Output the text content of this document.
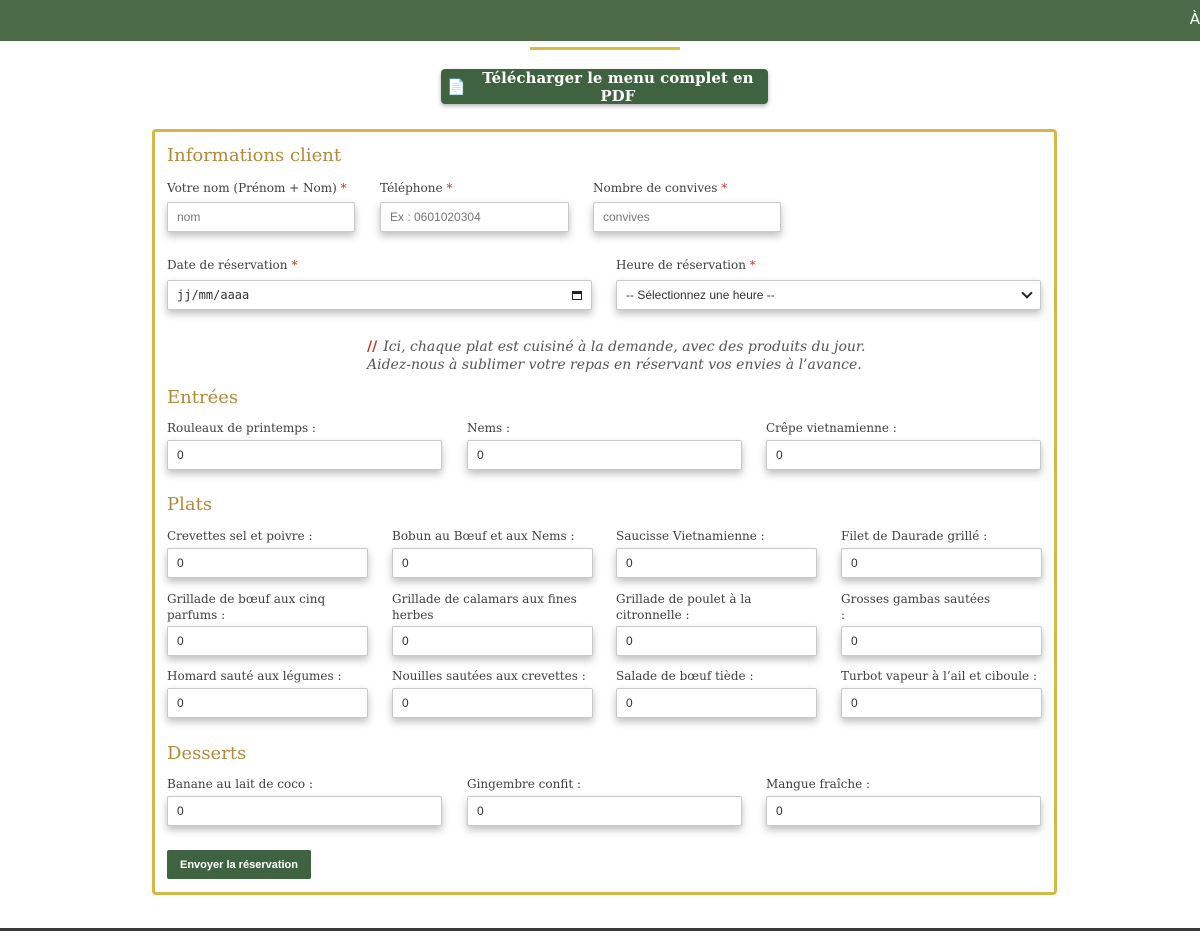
À
📄	Télécharger le menu complet en PDF
Informations client
Votre nom (Prénom + Nom) *
nom	Téléphone *
Ex : 0601020304	Nombre de convives *
convives
Date de réservation *
jj/mm/aaaa
Heure de réservation *
-- Sélectionnez une heure --
// Ici, chaque plat est cuisiné à la demande, avec des produits du jour.
Aidez-nous à sublimer votre repas en réservant vos envies à l’avance.
Entrées
Rouleaux de printemps :
0	Nems :
0	Crêpe vietnamienne :
0
Plats
Crevettes sel et poivre :
0	Bobun au Bœuf et aux Nems :
0	Saucisse Vietnamienne :
0	Filet de Daurade grillé :
0
Grillade de bœuf aux cinq parfums :
0
Grillade de calamars aux fines herbes
0
Grillade de poulet à la citronnelle :
0
Grosses gambas sautées :
0
Homard sauté aux légumes :
0	Nouilles sautées aux crevettes :
0	Salade de bœuf tiède :
0	Turbot vapeur à l’ail et ciboule :
0
Desserts
Banane au lait de coco :
0	Gingembre confit :
0	Mangue fraîche :
0
Envoyer la réservation
